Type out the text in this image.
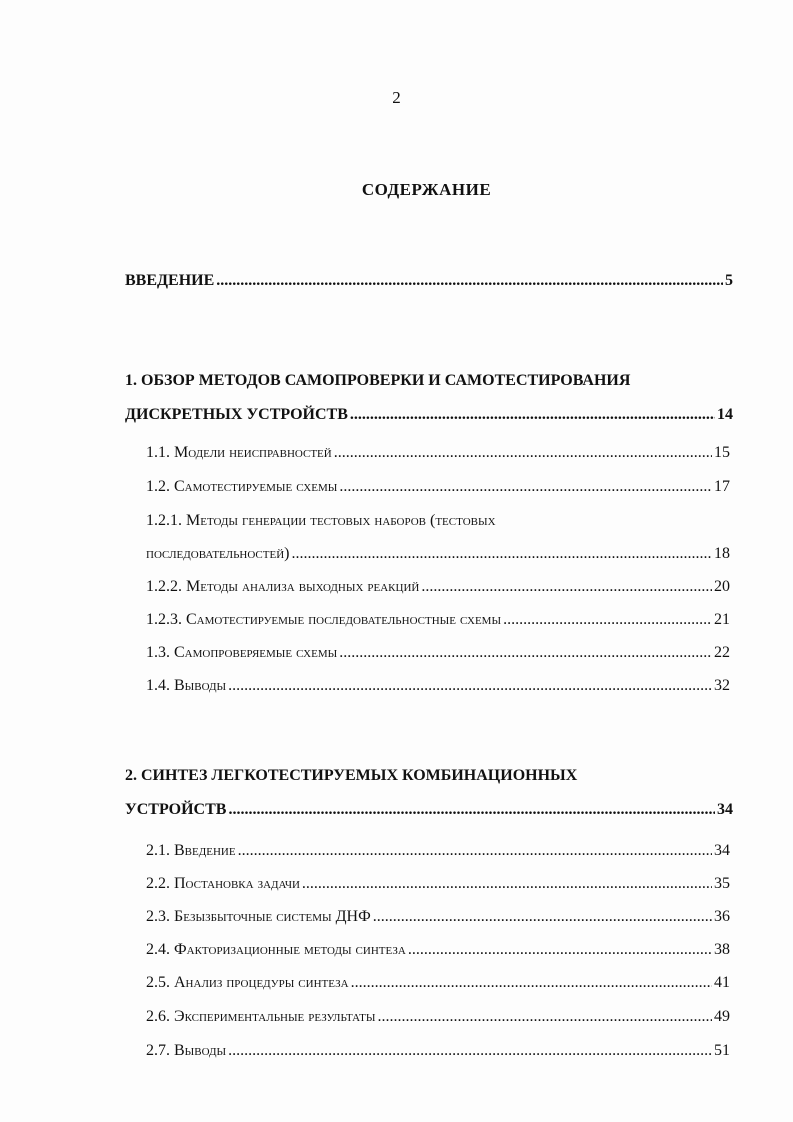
2
СОДЕРЖАНИЕ
ВВЕДЕНИЕ .....	5
1. ОБЗОР МЕТОДОВ САМОПРОВЕРКИ И САМОТЕСТИРОВАНИЯ
ДИСКРЕТНЫХ УСТРОЙСТВ .....	14
1.1. Модели неисправностей .....	15
1.2. Самотестируемые схемы .....	17
1.2.1. Методы генерации тестовых наборов (тестовых
последовательностей) .....	18
1.2.2. Методы анализа выходных реакций .....	20
1.2.3. Самотестируемые последовательностные схемы .....	21
1.3. Самопроверяемые схемы .....	22
1.4. Выводы .....	32
2. СИНТЕЗ ЛЕГКОТЕСТИРУЕМЫХ КОМБИНАЦИОННЫХ
УСТРОЙСТВ .....	34
2.1. Введение .....	34
2.2. Постановка задачи .....	35
2.3. Безызбыточные системы ДНФ .....	36
2.4. Факторизационные методы синтеза .....	38
2.5. Анализ процедуры синтеза .....	41
2.6. Экспериментальные результаты .....	49
2.7. Выводы .....	51
